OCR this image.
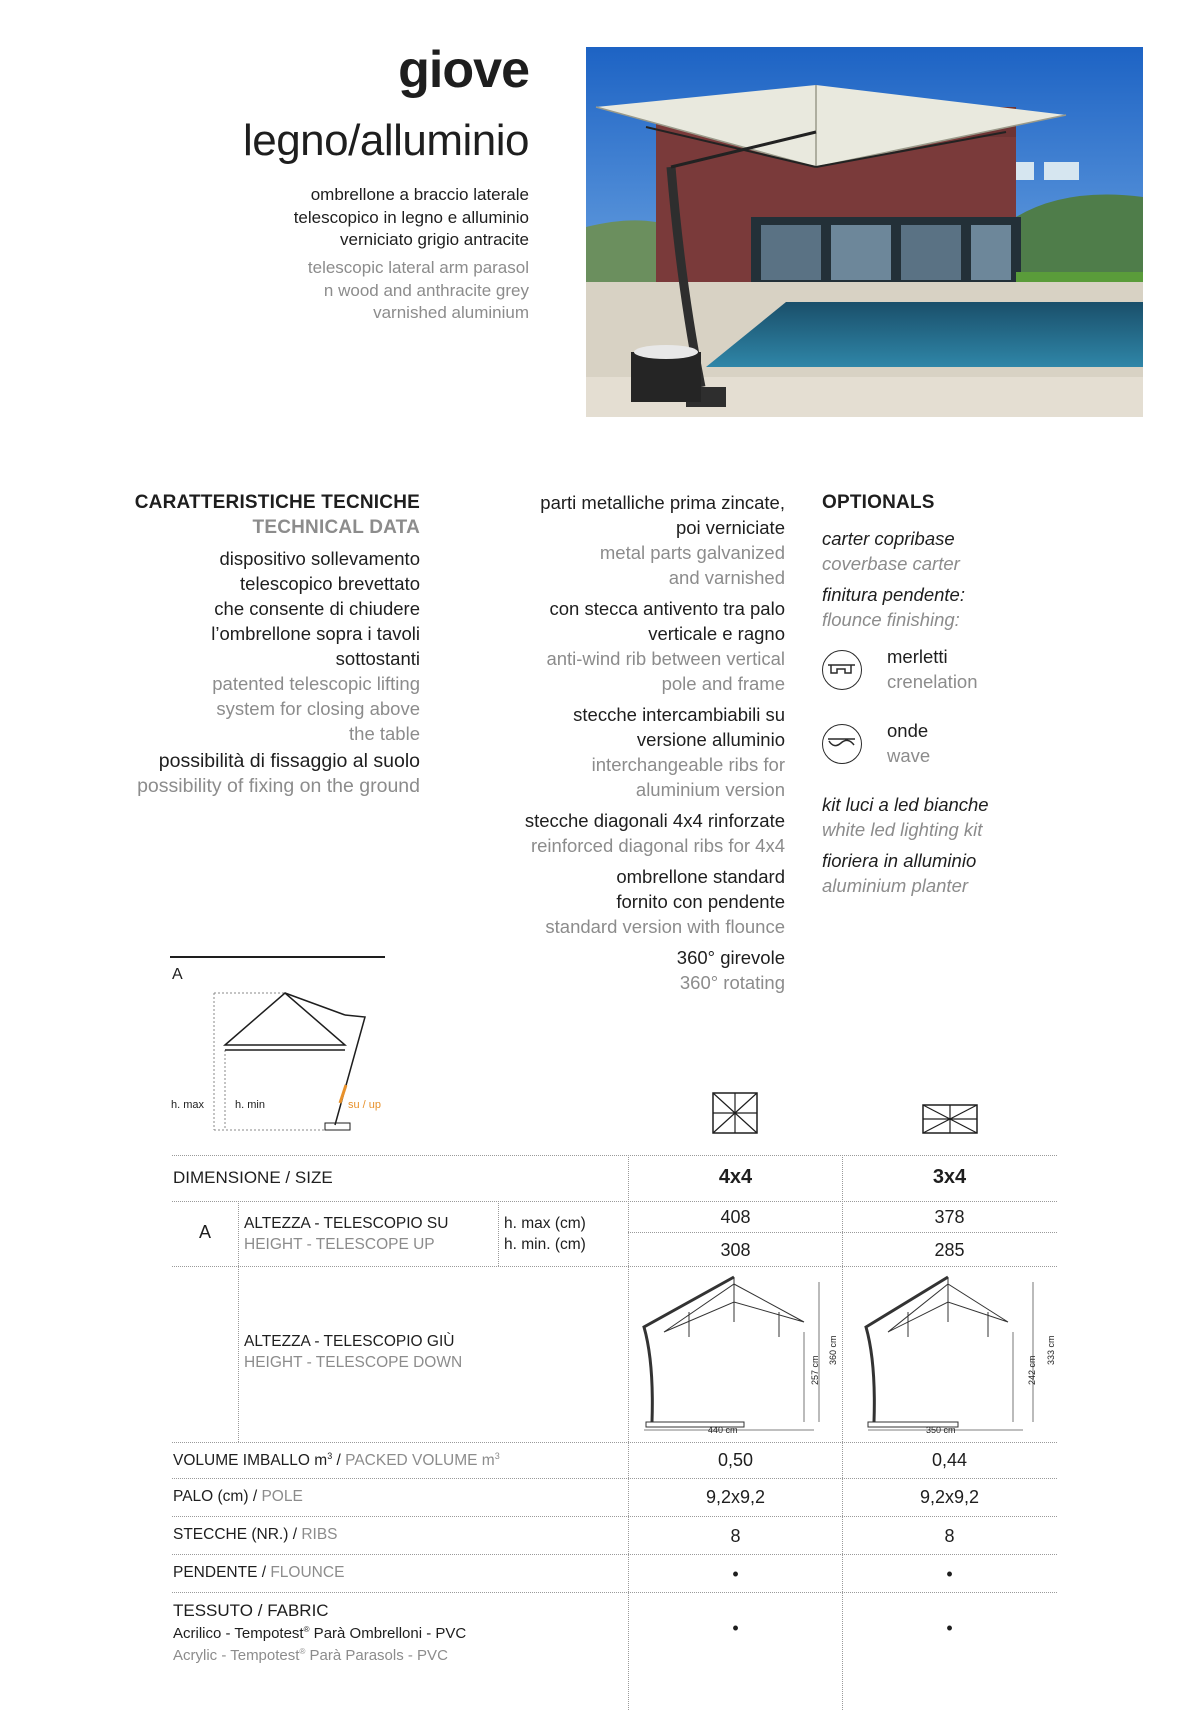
giove
legno/alluminio
ombrellone a braccio laterale
telescopico in legno e alluminio
verniciato grigio antracite
telescopic lateral arm parasol
n wood and anthracite grey
varnished aluminium
CARATTERISTICHE TECNICHE
TECHNICAL DATA
dispositivo sollevamento
telescopico brevettato
che consente di chiudere
l’ombrellone sopra i tavoli
sottostanti
patented telescopic lifting
system for closing above
the table
possibilità di fissaggio al suolo
possibility of fixing on the ground
parti metalliche prima zincate,
poi verniciate
metal parts galvanized
and varnished
con stecca antivento tra palo
verticale e ragno
anti-wind rib between vertical
pole and frame
stecche intercambiabili su
versione alluminio
interchangeable ribs for
aluminium version
stecche diagonali 4x4 rinforzate
reinforced diagonal ribs for 4x4
ombrellone standard
fornito con pendente
standard version with flounce
360° girevole
360° rotating
OPTIONALS
carter copribase
coverbase carter
finitura pendente:
flounce finishing:
merletti
crenelation
onde
wave
kit luci a led bianche
white led lighting kit
fioriera in alluminio
aluminium planter
A
h. max	h. min	su / up
DIMENSIONE / SIZE	4x4	3x4
A ALTEZZA - TELESCOPIO SU
HEIGHT - TELESCOPE UP
h. max (cm)
h. min. (cm)
408	378
308	285
ALTEZZA - TELESCOPIO GIÙ
HEIGHT - TELESCOPE DOWN
440 cm
257 cm
360 cm
350 cm
242 cm
333 cm
VOLUME IMBALLO $m^3$ / PACKED VOLUME $m^3$	0,50	0,44
PALO (cm) / POLE	9,2x9,2	9,2x9,2
STECCHE (NR.) / RIBS	8	8
PENDENTE / FLOUNCE	•	•
TESSUTO / FABRIC
Acrilico - Tempotest® Parà Ombrelloni - PVC
Acrylic - Tempotest® Parà Parasols - PVC
•	•
